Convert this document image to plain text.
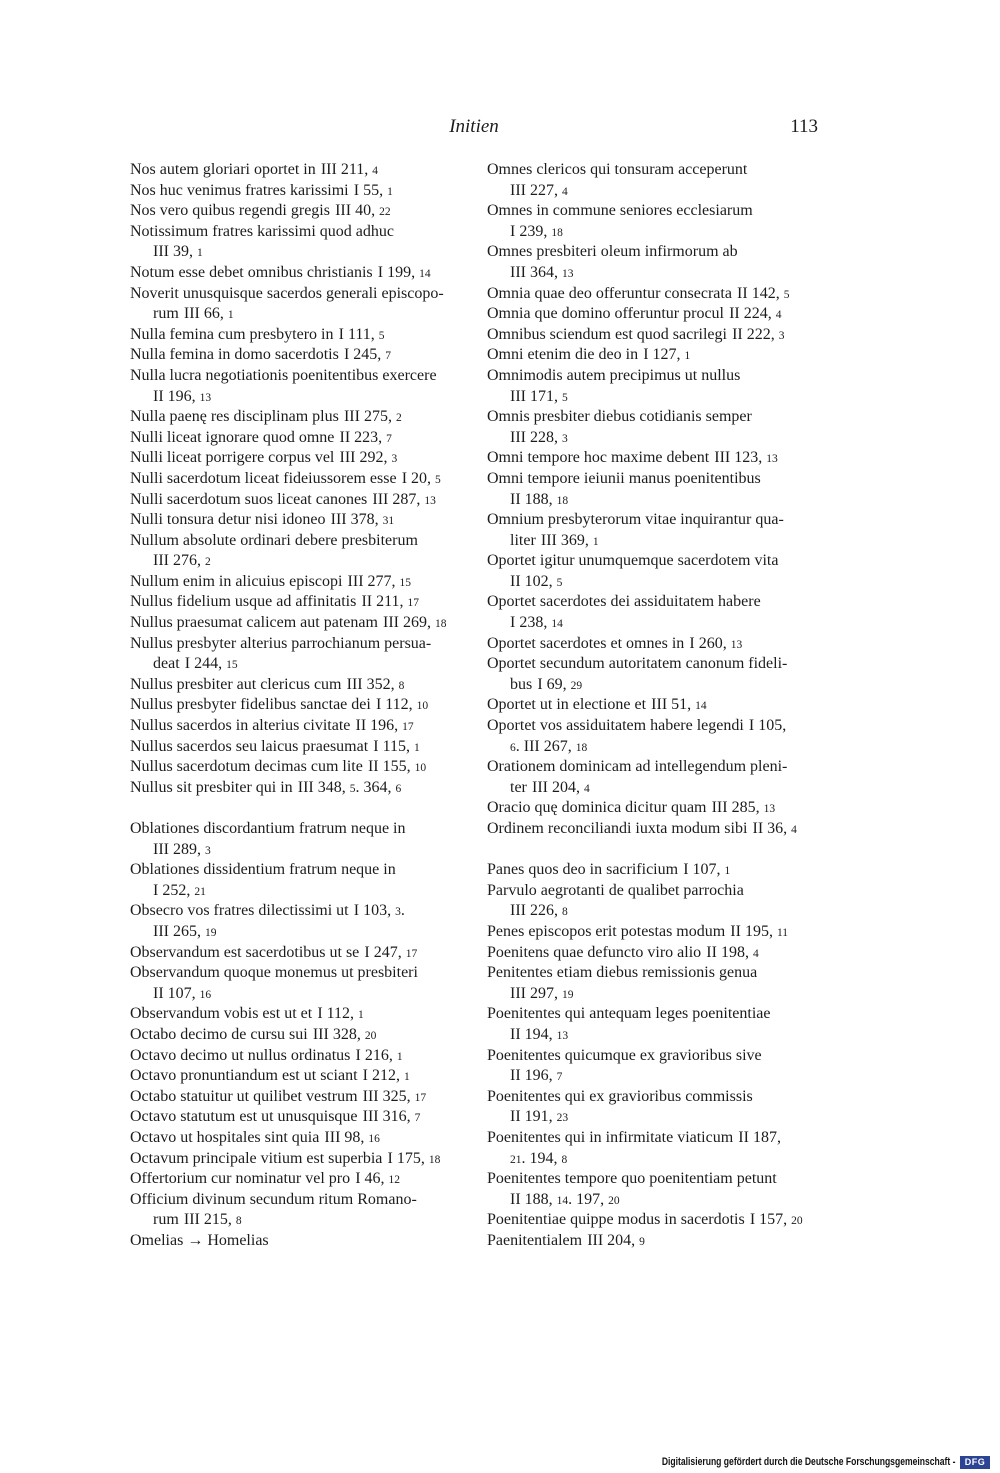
Initien	113
Nos autem gloriari oportet in III 211, 4
Nos huc venimus fratres karissimi I 55, 1
Nos vero quibus regendi gregis III 40, 22
Notissimum fratres karissimi quod adhuc
III 39, 1
Notum esse debet omnibus christianis I 199, 14
Noverit unusquisque sacerdos generali episcopo-
rum III 66, 1
Nulla femina cum presbytero in I 111, 5
Nulla femina in domo sacerdotis I 245, 7
Nulla lucra negotiationis poenitentibus exercere
II 196, 13
Nulla paenę res disciplinam plus III 275, 2
Nulli liceat ignorare quod omne II 223, 7
Nulli liceat porrigere corpus vel III 292, 3
Nulli sacerdotum liceat fideiussorem esse I 20, 5
Nulli sacerdotum suos liceat canones III 287, 13
Nulli tonsura detur nisi idoneo III 378, 31
Nullum absolute ordinari debere presbiterum
III 276, 2
Nullum enim in alicuius episcopi III 277, 15
Nullus fidelium usque ad affinitatis II 211, 17
Nullus praesumat calicem aut patenam III 269, 18
Nullus presbyter alterius parrochianum persua-
deat I 244, 15
Nullus presbiter aut clericus cum III 352, 8
Nullus presbyter fidelibus sanctae dei I 112, 10
Nullus sacerdos in alterius civitate II 196, 17
Nullus sacerdos seu laicus praesumat I 115, 1
Nullus sacerdotum decimas cum lite II 155, 10
Nullus sit presbiter qui in III 348, 5. 364, 6
Oblationes discordantium fratrum neque in
III 289, 3
Oblationes dissidentium fratrum neque in
I 252, 21
Obsecro vos fratres dilectissimi ut I 103, 3.
III 265, 19
Observandum est sacerdotibus ut se I 247, 17
Observandum quoque monemus ut presbiteri
II 107, 16
Observandum vobis est ut et I 112, 1
Octabo decimo de cursu sui III 328, 20
Octavo decimo ut nullus ordinatus I 216, 1
Octavo pronuntiandum est ut sciant I 212, 1
Octabo statuitur ut quilibet vestrum III 325, 17
Octavo statutum est ut unusquisque III 316, 7
Octavo ut hospitales sint quia III 98, 16
Octavum principale vitium est superbia I 175, 18
Offertorium cur nominatur vel pro I 46, 12
Officium divinum secundum ritum Romano-
rum III 215, 8
Omelias → Homelias
Omnes clericos qui tonsuram acceperunt
III 227, 4
Omnes in commune seniores ecclesiarum
I 239, 18
Omnes presbiteri oleum infirmorum ab
III 364, 13
Omnia quae deo offeruntur consecrata II 142, 5
Omnia que domino offeruntur procul II 224, 4
Omnibus sciendum est quod sacrilegi II 222, 3
Omni etenim die deo in I 127, 1
Omnimodis autem precipimus ut nullus
III 171, 5
Omnis presbiter diebus cotidianis semper
III 228, 3
Omni tempore hoc maxime debent III 123, 13
Omni tempore ieiunii manus poenitentibus
II 188, 18
Omnium presbyterorum vitae inquirantur qua-
liter III 369, 1
Oportet igitur unumquemque sacerdotem vita
II 102, 5
Oportet sacerdotes dei assiduitatem habere
I 238, 14
Oportet sacerdotes et omnes in I 260, 13
Oportet secundum autoritatem canonum fideli-
bus I 69, 29
Oportet ut in electione et III 51, 14
Oportet vos assiduitatem habere legendi I 105,
6. III 267, 18
Orationem dominicam ad intellegendum pleni-
ter III 204, 4
Oracio quę dominica dicitur quam III 285, 13
Ordinem reconciliandi iuxta modum sibi II 36, 4
Panes quos deo in sacrificium I 107, 1
Parvulo aegrotanti de qualibet parrochia
III 226, 8
Penes episcopos erit potestas modum II 195, 11
Poenitens quae defuncto viro alio II 198, 4
Penitentes etiam diebus remissionis genua
III 297, 19
Poenitentes qui antequam leges poenitentiae
II 194, 13
Poenitentes quicumque ex gravioribus sive
II 196, 7
Poenitentes qui ex gravioribus commissis
II 191, 23
Poenitentes qui in infirmitate viaticum II 187,
21. 194, 8
Poenitentes tempore quo poenitentiam petunt
II 188, 14. 197, 20
Poenitentiae quippe modus in sacerdotis I 157, 20
Paenitentialem III 204, 9
Digitalisierung gefördert durch die Deutsche Forschungsgemeinschaft - DFG
